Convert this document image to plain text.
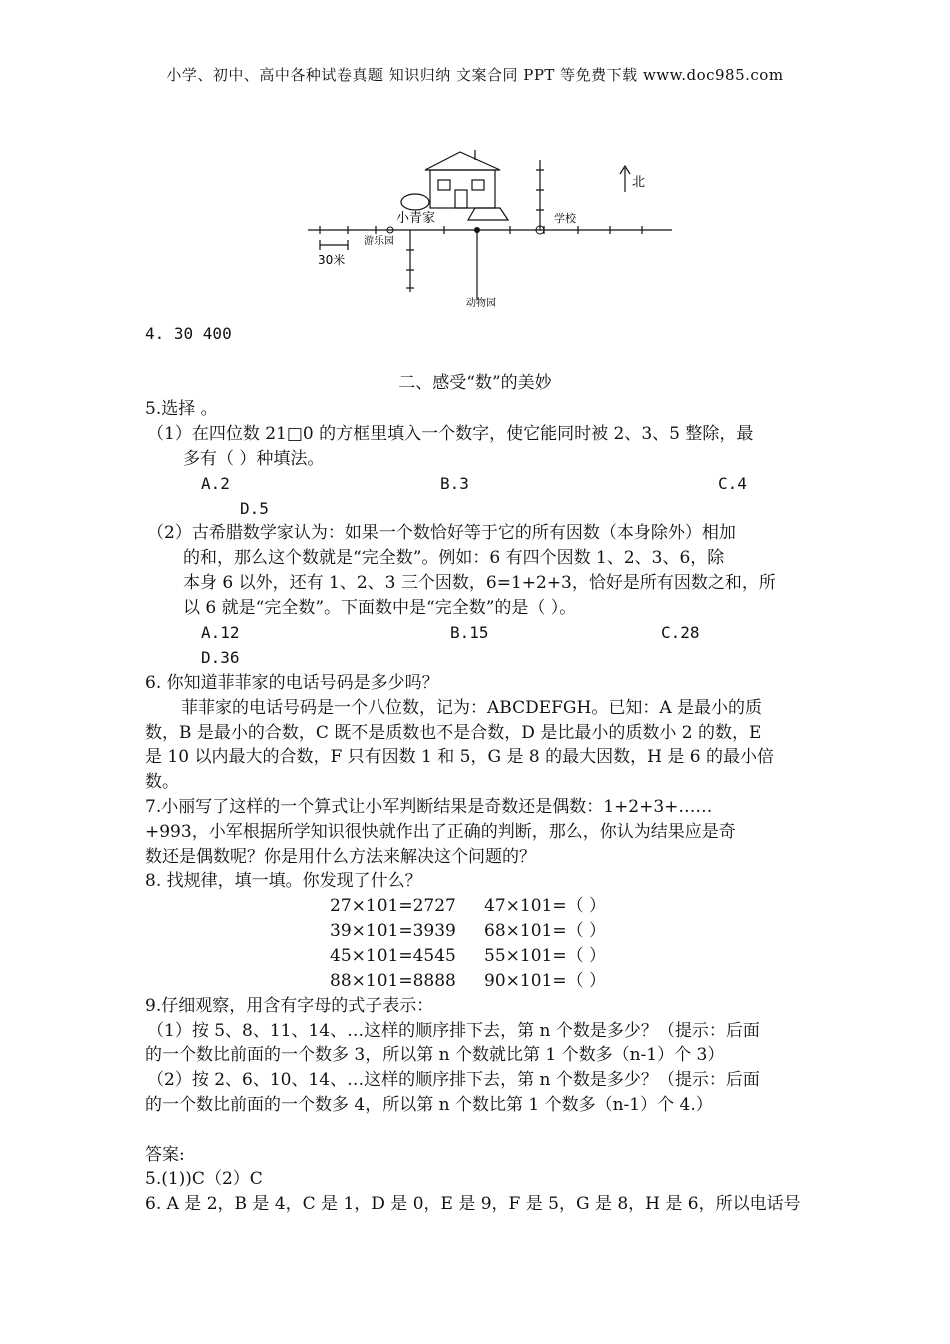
小学、初中、高中各种试卷真题 知识归纳 文案合同 PPT 等免费下载 www.doc985.com
小青家	学校
游乐园
动物园
北
30米
4. 30 400
二、感受“数”的美妙
5.选择 。
（1）在四位数 21□0 的方框里填入一个数字，使它能同时被 2、3、5 整除，最
多有（ ）种填法。
A.2	B.3	C.4
D.5
（2）古希腊数学家认为：如果一个数恰好等于它的所有因数（本身除外）相加
的和，那么这个数就是“完全数”。例如：6 有四个因数 1、2、3、6，除
本身 6 以外，还有 1、2、3 三个因数，6=1+2+3，恰好是所有因数之和，所
以 6 就是“完全数”。下面数中是“完全数”的是（ ）。
A.12	B.15	C.28
D.36
6. 你知道菲菲家的电话号码是多少吗？
菲菲家的电话号码是一个八位数，记为：ABCDEFGH。已知：A 是最小的质
数，B 是最小的合数，C 既不是质数也不是合数，D 是比最小的质数小 2 的数，E
是 10 以内最大的合数，F 只有因数 1 和 5，G 是 8 的最大因数，H 是 6 的最小倍
数。
7.小丽写了这样的一个算式让小军判断结果是奇数还是偶数：1+2+3+……
+993，小军根据所学知识很快就作出了正确的判断，那么，你认为结果应是奇
数还是偶数呢？你是用什么方法来解决这个问题的？
8. 找规律，填一填。你发现了什么？
27×101=2727 47×101=（ ）
39×101=3939 68×101=（ ）
45×101=4545 55×101=（ ）
88×101=8888 90×101=（ ）
9.仔细观察，用含有字母的式子表示：
（1）按 5、8、11、14、…这样的顺序排下去，第 n 个数是多少？（提示：后面
的一个数比前面的一个数多 3，所以第 n 个数就比第 1 个数多（n-1）个 3）
（2）按 2、6、10、14、…这样的顺序排下去，第 n 个数是多少？（提示：后面
的一个数比前面的一个数多 4，所以第 n 个数比第 1 个数多（n-1）个 4.）
答案:
5.(1))C（2）C
6. A 是 2，B 是 4，C 是 1，D 是 0，E 是 9，F 是 5，G 是 8，H 是 6，所以电话号
